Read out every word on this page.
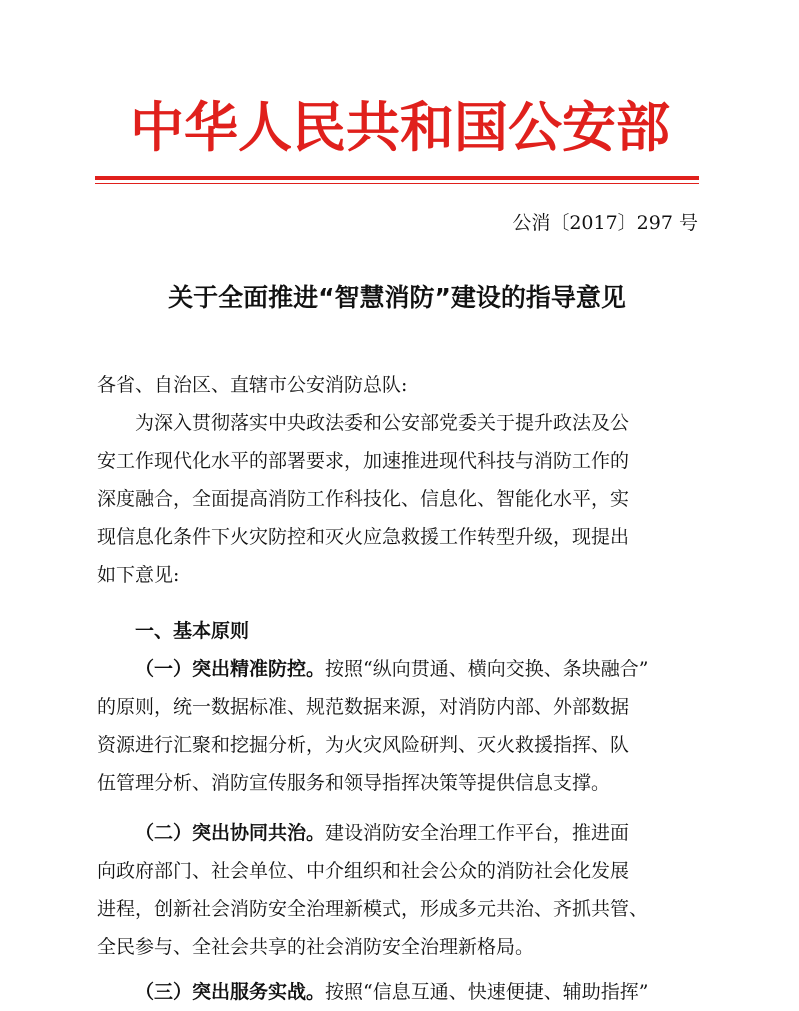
中华人民共和国公安部
公消〔2017〕297 号
关于全面推进“智慧消防”建设的指导意见
各省、自治区、直辖市公安消防总队:
为深入贯彻落实中央政法委和公安部党委关于提升政法及公
安工作现代化水平的部署要求，加速推进现代科技与消防工作的
深度融合，全面提高消防工作科技化、信息化、智能化水平，实
现信息化条件下火灾防控和灭火应急救援工作转型升级，现提出
如下意见:
一、基本原则
（一）突出精准防控。按照“纵向贯通、横向交换、条块融合”
的原则，统一数据标准、规范数据来源，对消防内部、外部数据
资源进行汇聚和挖掘分析，为火灾风险研判、灭火救援指挥、队
伍管理分析、消防宣传服务和领导指挥决策等提供信息支撑。
（二）突出协同共治。建设消防安全治理工作平台，推进面
向政府部门、社会单位、中介组织和社会公众的消防社会化发展
进程，创新社会消防安全治理新模式，形成多元共治、齐抓共管、
全民参与、全社会共享的社会消防安全治理新格局。
（三）突出服务实战。按照“信息互通、快速便捷、辅助指挥”
